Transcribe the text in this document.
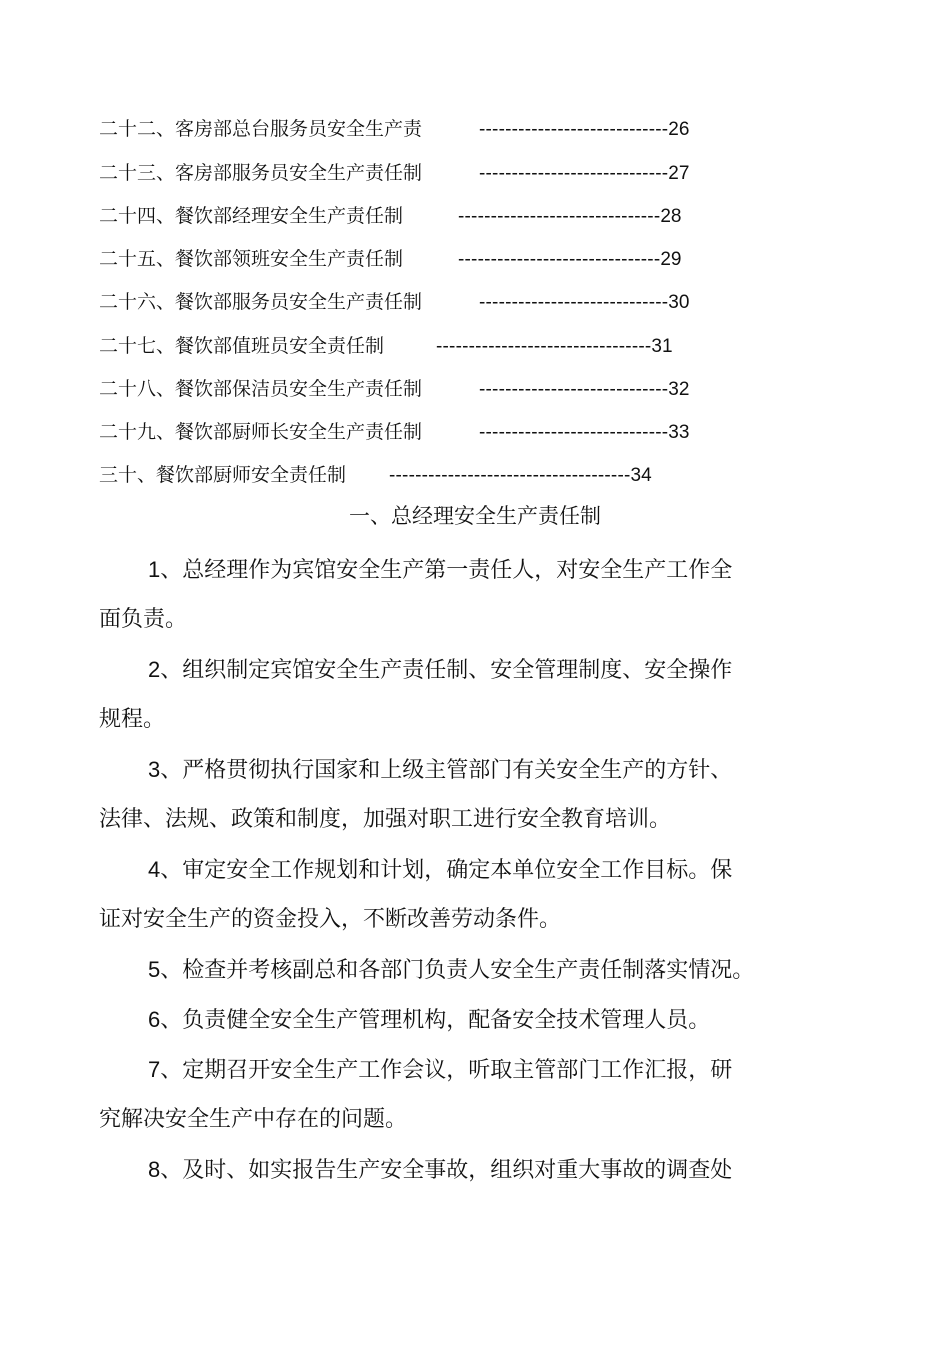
二十二、客房部总台服务员安全生产责	-----------------------------26
二十三、客房部服务员安全生产责任制	-----------------------------27
二十四、餐饮部经理安全生产责任制	-------------------------------28
二十五、餐饮部领班安全生产责任制	-------------------------------29
二十六、餐饮部服务员安全生产责任制	-----------------------------30
二十七、餐饮部值班员安全责任制	---------------------------------31
二十八、餐饮部保洁员安全生产责任制	-----------------------------32
二十九、餐饮部厨师长安全生产责任制	-----------------------------33
三十、餐饮部厨师安全责任制 -------------------------------------34
一、总经理安全生产责任制
1、总经理作为宾馆安全生产第一责任人，对安全生产工作全
面负责。
2、组织制定宾馆安全生产责任制、安全管理制度、安全操作
规程。
3、严格贯彻执行国家和上级主管部门有关安全生产的方针、
法律、法规、政策和制度，加强对职工进行安全教育培训。
4、审定安全工作规划和计划，确定本单位安全工作目标。保
证对安全生产的资金投入，不断改善劳动条件。
5、检查并考核副总和各部门负责人安全生产责任制落实情况。
6、负责健全安全生产管理机构，配备安全技术管理人员。
7、定期召开安全生产工作会议，听取主管部门工作汇报，研
究解决安全生产中存在的问题。
8、及时、如实报告生产安全事故，组织对重大事故的调查处
